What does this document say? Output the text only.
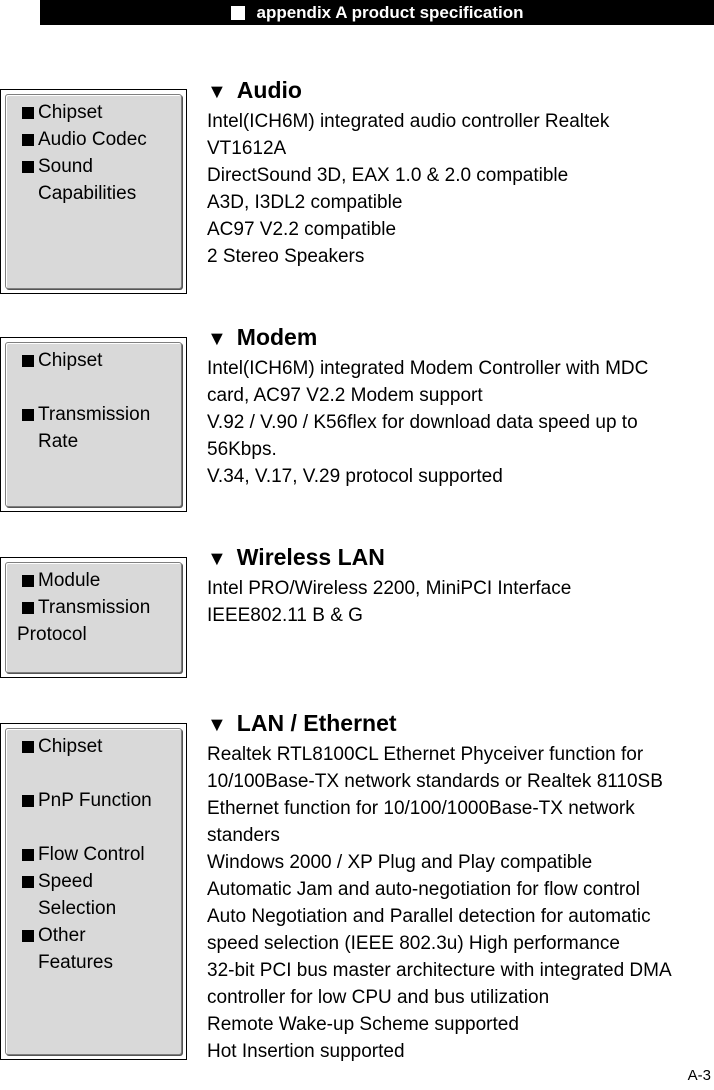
appendix A product specification
Chipset
Audio Codec
Sound
Capabilities
▼ Audio
Intel(ICH6M) integrated audio controller Realtek
VT1612A
DirectSound 3D, EAX 1.0 & 2.0 compatible
A3D, I3DL2 compatible
AC97 V2.2 compatible
2 Stereo Speakers
Chipset
Transmission
Rate
▼ Modem
Intel(ICH6M) integrated Modem Controller with MDC
card, AC97 V2.2 Modem support
V.92 / V.90 / K56flex for download data speed up to
56Kbps.
V.34, V.17, V.29 protocol supported
Module
Transmission
Protocol
▼ Wireless LAN
Intel PRO/Wireless 2200, MiniPCI Interface
IEEE802.11 B & G
Chipset
PnP Function
Flow Control
Speed
Selection
Other
Features
▼ LAN / Ethernet
Realtek RTL8100CL Ethernet Phyceiver function for
10/100Base-TX network standards or Realtek 8110SB
Ethernet function for 10/100/1000Base-TX network
standers
Windows 2000 / XP Plug and Play compatible
Automatic Jam and auto-negotiation for flow control
Auto Negotiation and Parallel detection for automatic
speed selection (IEEE 802.3u) High performance
32-bit PCI bus master architecture with integrated DMA
controller for low CPU and bus utilization
Remote Wake-up Scheme supported
Hot Insertion supported
A-3
